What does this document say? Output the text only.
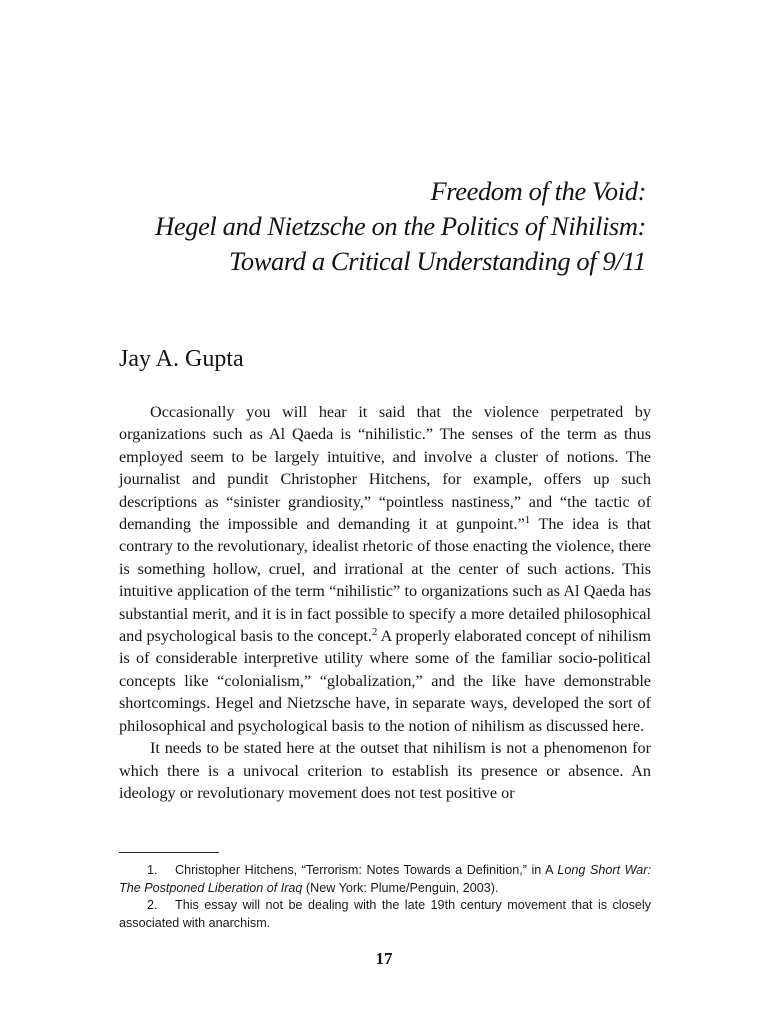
Freedom of the Void:
Hegel and Nietzsche on the Politics of Nihilism:
Toward a Critical Understanding of 9/11
Jay A. Gupta

Occasionally you will hear it said that the violence perpetrated by organizations such as Al Qaeda is “nihilistic.” The senses of the term as thus employed seem to be largely intuitive, and involve a cluster of notions. The journalist and pundit Christopher Hitchens, for example, offers up such descriptions as “sinister grandiosity,” “pointless nastiness,” and “the tactic of demanding the impossible and demanding it at gunpoint.”$^1$ The idea is that contrary to the revolutionary, idealist rhetoric of those enacting the violence, there is something hollow, cruel, and irrational at the center of such actions. This intuitive application of the term “nihilistic” to organizations such as Al Qaeda has substantial merit, and it is in fact possible to specify a more detailed philosophical and psychological basis to the concept.$^2$ A properly elaborated concept of nihilism is of considerable interpretive utility where some of the familiar socio-political concepts like “colonialism,” “globalization,” and the like have demonstrable shortcomings. Hegel and Nietzsche have, in separate ways, developed the sort of philosophical and psychological basis to the notion of nihilism as discussed here.

It needs to be stated here at the outset that nihilism is not a phenomenon for which there is a univocal criterion to establish its presence or absence. An ideology or revolutionary movement does not test positive or

1. Christopher Hitchens, “Terrorism: Notes Towards a Definition,” in A Long Short War: The Postponed Liberation of Iraq (New York: Plume/Penguin, 2003).

2. This essay will not be dealing with the late 19th century movement that is closely associated with anarchism.

17
